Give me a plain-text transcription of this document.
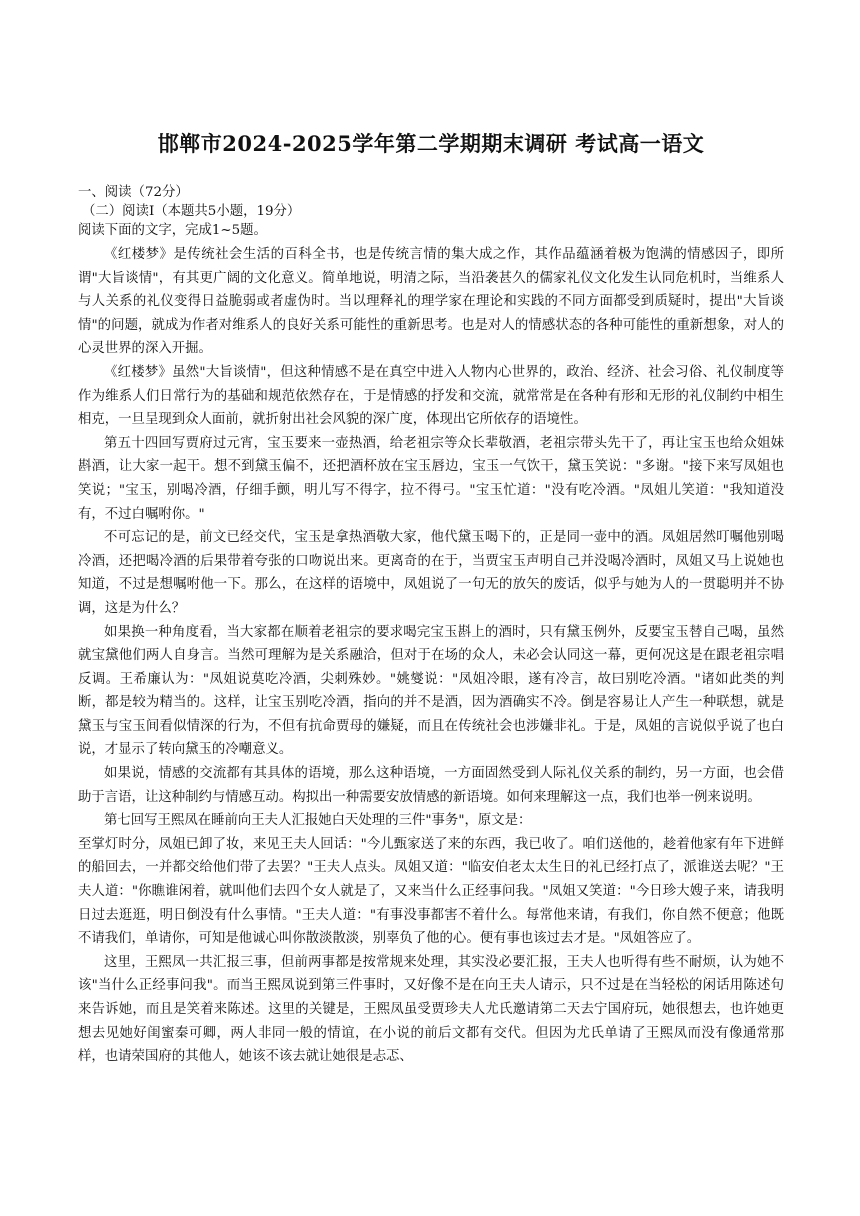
邯郸市2024-2025学年第二学期期末调研 考试高一语文

一、阅读（72分）

（二）阅读I（本题共5小题，19分）

阅读下面的文字，完成1~5题。

《红楼梦》是传统社会生活的百科全书，也是传统言情的集大成之作，其作品蕴涵着极为饱满的情感因子，即所谓"大旨谈情"，有其更广阔的文化意义。简单地说，明清之际，当沿袭甚久的儒家礼仪文化发生认同危机时，当维系人与人关系的礼仪变得日益脆弱或者虚伪时。当以理释礼的理学家在理论和实践的不同方面都受到质疑时，提出"大旨谈情"的问题，就成为作者对维系人的良好关系可能性的重新思考。也是对人的情感状态的各种可能性的重新想象，对人的心灵世界的深入开掘。

《红楼梦》虽然"大旨谈情"，但这种情感不是在真空中进入人物内心世界的，政治、经济、社会习俗、礼仪制度等作为维系人们日常行为的基础和规范依然存在，于是情感的抒发和交流，就常常是在各种有形和无形的礼仪制约中相生相克，一旦呈现到众人面前，就折射出社会风貌的深广度，体现出它所依存的语境性。

第五十四回写贾府过元宵，宝玉要来一壶热酒，给老祖宗等众长辈敬酒，老祖宗带头先干了，再让宝玉也给众姐妹斟酒，让大家一起干。想不到黛玉偏不，还把酒杯放在宝玉唇边，宝玉一气饮干，黛玉笑说："多谢。"接下来写凤姐也笑说；"宝玉，别喝冷酒，仔细手颤，明儿写不得字，拉不得弓。"宝玉忙道："没有吃冷酒。"凤姐儿笑道："我知道没有，不过白嘱咐你。"

不可忘记的是，前文已经交代，宝玉是拿热酒敬大家，他代黛玉喝下的，正是同一壶中的酒。凤姐居然叮嘱他别喝冷酒，还把喝冷酒的后果带着夸张的口吻说出来。更离奇的在于，当贾宝玉声明自己并没喝冷酒时，凤姐又马上说她也知道，不过是想嘱咐他一下。那么，在这样的语境中，凤姐说了一句无的放矢的废话，似乎与她为人的一贯聪明并不协调，这是为什么？

如果换一种角度看，当大家都在顺着老祖宗的要求喝完宝玉斟上的酒时，只有黛玉例外，反要宝玉替自己喝，虽然就宝黛他们两人自身言。当然可理解为是关系融洽，但对于在场的众人，未必会认同这一幕，更何况这是在跟老祖宗唱反调。王希廉认为："凤姐说莫吃冷酒，尖刺殊妙。"姚燮说："凤姐冷眼，遂有冷言，故曰别吃冷酒。"诸如此类的判断，都是较为精当的。这样，让宝玉别吃冷酒，指向的并不是酒，因为酒确实不冷。倒是容易让人产生一种联想，就是黛玉与宝玉间看似情深的行为，不但有抗命贾母的嫌疑，而且在传统社会也涉嫌非礼。于是，凤姐的言说似乎说了也白说，才显示了转向黛玉的冷嘲意义。

如果说，情感的交流都有其具体的语境，那么这种语境，一方面固然受到人际礼仪关系的制约，另一方面，也会借助于言语，让这种制约与情感互动。构拟出一种需要安放情感的新语境。如何来理解这一点，我们也举一例来说明。

第七回写王熙凤在睡前向王夫人汇报她白天处理的三件"事务"，原文是：

至掌灯时分，凤姐已卸了妆，来见王夫人回话："今儿甄家送了来的东西，我已收了。咱们送他的，趁着他家有年下进鲜的船回去，一并都交给他们带了去罢？"王夫人点头。凤姐又道："临安伯老太太生日的礼已经打点了，派谁送去呢？"王夫人道："你瞧谁闲着，就叫他们去四个女人就是了，又来当什么正经事问我。"凤姐又笑道："今日珍大嫂子来，请我明日过去逛逛，明日倒没有什么事情。"王夫人道："有事没事都害不着什么。每常他来请，有我们，你自然不便意；他既不请我们，单请你，可知是他诚心叫你散淡散淡，别辜负了他的心。便有事也该过去才是。"凤姐答应了。

这里，王熙凤一共汇报三事，但前两事都是按常规来处理，其实没必要汇报，王夫人也听得有些不耐烦，认为她不该"当什么正经事问我"。而当王熙凤说到第三件事时，又好像不是在向王夫人请示，只不过是在当轻松的闲话用陈述句来告诉她，而且是笑着来陈述。这里的关键是，王熙凤虽受贾珍夫人尤氏邀请第二天去宁国府玩，她很想去，也许她更想去见她好闺蜜秦可卿，两人非同一般的情谊，在小说的前后文都有交代。但因为尤氏单请了王熙凤而没有像通常那样，也请荣国府的其他人，她该不该去就让她很是忐忑、
